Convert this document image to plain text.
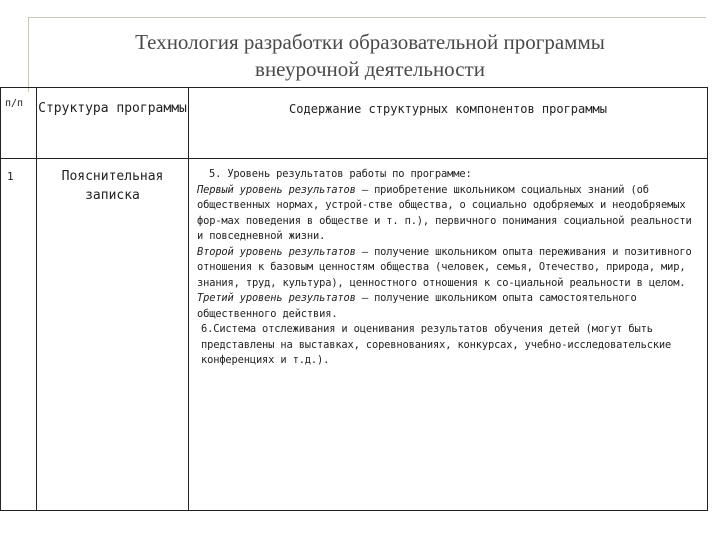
Технология разработки образовательной программы
внеурочной деятельности
п/п	Структура программы	Содержание структурных компонентов программы
1	Пояснительная записка	5. Уровень результатов работы по программе:

Первый уровень результатов — приобретение школьником социальных знаний (об общественных нормах, устрой-стве общества, о социально одобряемых и неодобряемых фор-мах поведения в обществе и т. п.), первичного понимания социальной реальности и повседневной жизни.

Второй уровень результатов — получение школьником опыта переживания и позитивного отношения к базовым ценностям общества (человек, семья, Отечество, природа, мир, знания, труд, культура), ценностного отношения к со-циальной реальности в целом.

Третий уровень результатов — получение школьником опыта самостоятельного общественного действия.

6.Система отслеживания и оценивания результатов обучения детей (могут быть представлены на выставках, соревнованиях, конкурсах, учебно-исследовательские конференциях и т.д.).
